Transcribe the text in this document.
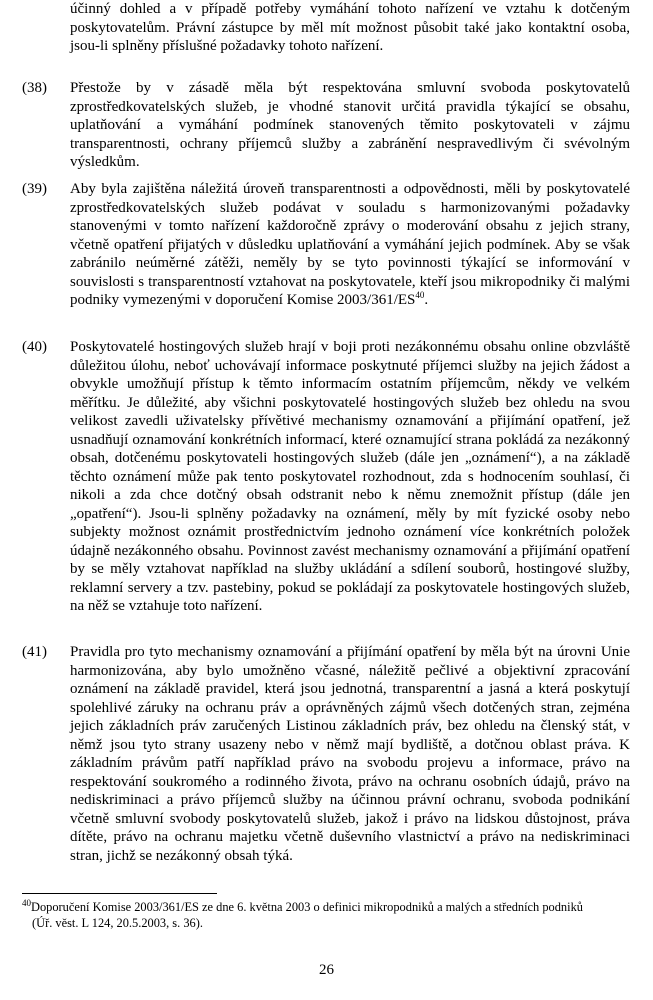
účinný dohled a v případě potřeby vymáhání tohoto nařízení ve vztahu k dotčeným poskytovatelům. Právní zástupce by měl mít možnost působit také jako kontaktní osoba, jsou-li splněny příslušné požadavky tohoto nařízení.

(38)	Přestože by v zásadě měla být respektována smluvní svoboda poskytovatelů zprostředkovatelských služeb, je vhodné stanovit určitá pravidla týkající se obsahu, uplatňování a vymáhání podmínek stanovených těmito poskytovateli v zájmu transparentnosti, ochrany příjemců služby a zabránění nespravedlivým či svévolným výsledkům.

(39)	Aby byla zajištěna náležitá úroveň transparentnosti a odpovědnosti, měli by poskytovatelé zprostředkovatelských služeb podávat v souladu s harmonizovanými požadavky stanovenými v tomto nařízení každoročně zprávy o moderování obsahu z jejich strany, včetně opatření přijatých v důsledku uplatňování a vymáhání jejich podmínek. Aby se však zabránilo neúměrné zátěži, neměly by se tyto povinnosti týkající se informování v souvislosti s transparentností vztahovat na poskytovatele, kteří jsou mikropodniky či malými podniky vymezenými v doporučení Komise 2003/361/ES$^{40}$.

(40)	Poskytovatelé hostingových služeb hrají v boji proti nezákonnému obsahu online obzvláště důležitou úlohu, neboť uchovávají informace poskytnuté příjemci služby na jejich žádost a obvykle umožňují přístup k těmto informacím ostatním příjemcům, někdy ve velkém měřítku. Je důležité, aby všichni poskytovatelé hostingových služeb bez ohledu na svou velikost zavedli uživatelsky přívětivé mechanismy oznamování a přijímání opatření, jež usnadňují oznamování konkrétních informací, které oznamující strana pokládá za nezákonný obsah, dotčenému poskytovateli hostingových služeb (dále jen „oznámení“), a na základě těchto oznámení může pak tento poskytovatel rozhodnout, zda s hodnocením souhlasí, či nikoli a zda chce dotčný obsah odstranit nebo k němu znemožnit přístup (dále jen „opatření“). Jsou-li splněny požadavky na oznámení, měly by mít fyzické osoby nebo subjekty možnost oznámit prostřednictvím jednoho oznámení více konkrétních položek údajně nezákonného obsahu. Povinnost zavést mechanismy oznamování a přijímání opatření by se měly vztahovat například na služby ukládání a sdílení souborů, hostingové služby, reklamní servery a tzv. pastebiny, pokud se pokládají za poskytovatele hostingových služeb, na něž se vztahuje toto nařízení.

(41)	Pravidla pro tyto mechanismy oznamování a přijímání opatření by měla být na úrovni Unie harmonizována, aby bylo umožněno včasné, náležitě pečlivé a objektivní zpracování oznámení na základě pravidel, která jsou jednotná, transparentní a jasná a která poskytují spolehlivé záruky na ochranu práv a oprávněných zájmů všech dotčených stran, zejména jejich základních práv zaručených Listinou základních práv, bez ohledu na členský stát, v němž jsou tyto strany usazeny nebo v němž mají bydliště, a dotčnou oblast práva. K základním právům patří například právo na svobodu projevu a informace, právo na respektování soukromého a rodinného života, právo na ochranu osobních údajů, právo na nediskriminaci a právo příjemců služby na účinnou právní ochranu, svoboda podnikání včetně smluvní svobody poskytovatelů služeb, jakož i právo na lidskou důstojnost, práva dítěte, právo na ochranu majetku včetně duševního vlastnictví a právo na nediskriminaci stran, jichž se nezákonný obsah týká.

$^{40}$Doporučení Komise 2003/361/ES ze dne 6. května 2003 o definici mikropodniků a malých a středních podniků
(Úř. věst. L 124, 20.5.2003, s. 36).

26
